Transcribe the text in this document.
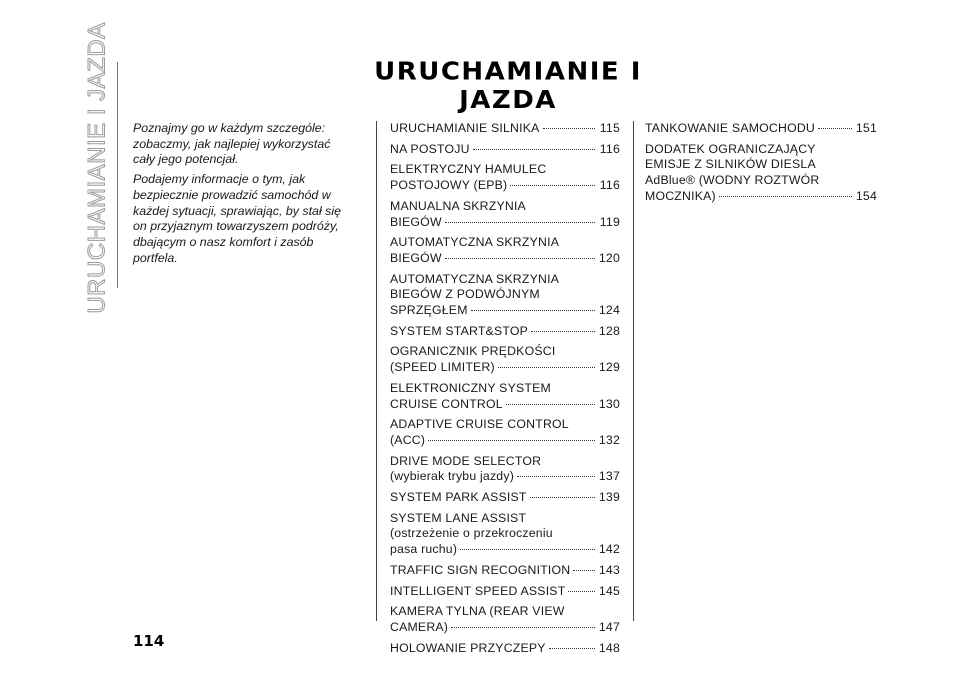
URUCHAMIANIE I JAZDA	URUCHAMIANIE I JAZDA

Poznajmy go w każdym szczególe: zobaczmy, jak najlepiej wykorzystać cały jego potencjał.

Podajemy informacje o tym, jak bezpiecznie prowadzić samochód w każdej sytuacji, sprawiając, by stał się on przyjaznym towarzyszem podróży, dbającym o nasz komfort i zasób portfela.

URUCHAMIANIE SILNIKA	115
NA POSTOJU	116
ELEKTRYCZNY HAMULEC
POSTOJOWY (EPB)	116
MANUALNA SKRZYNIA
BIEGÓW	119
AUTOMATYCZNA SKRZYNIA
BIEGÓW	120
AUTOMATYCZNA SKRZYNIA
BIEGÓW Z PODWÓJNYM
SPRZĘGŁEM	124
SYSTEM START&STOP	128
OGRANICZNIK PRĘDKOŚCI
(SPEED LIMITER)	129
ELEKTRONICZNY SYSTEM
CRUISE CONTROL	130
ADAPTIVE CRUISE CONTROL
(ACC)	132
DRIVE MODE SELECTOR
(wybierak trybu jazdy)	137
SYSTEM PARK ASSIST	139
SYSTEM LANE ASSIST
(ostrzeżenie o przekroczeniu
pasa ruchu)	142
TRAFFIC SIGN RECOGNITION 143
INTELLIGENT SPEED ASSIST	145
KAMERA TYLNA (REAR VIEW
CAMERA)	147
HOLOWANIE PRZYCZEPY	148
TANKOWANIE SAMOCHODU	151
DODATEK OGRANICZAJĄCY
EMISJE Z SILNIKÓW DIESLA
AdBlue® (WODNY ROZTWÓR
MOCZNIKA)	154
114
